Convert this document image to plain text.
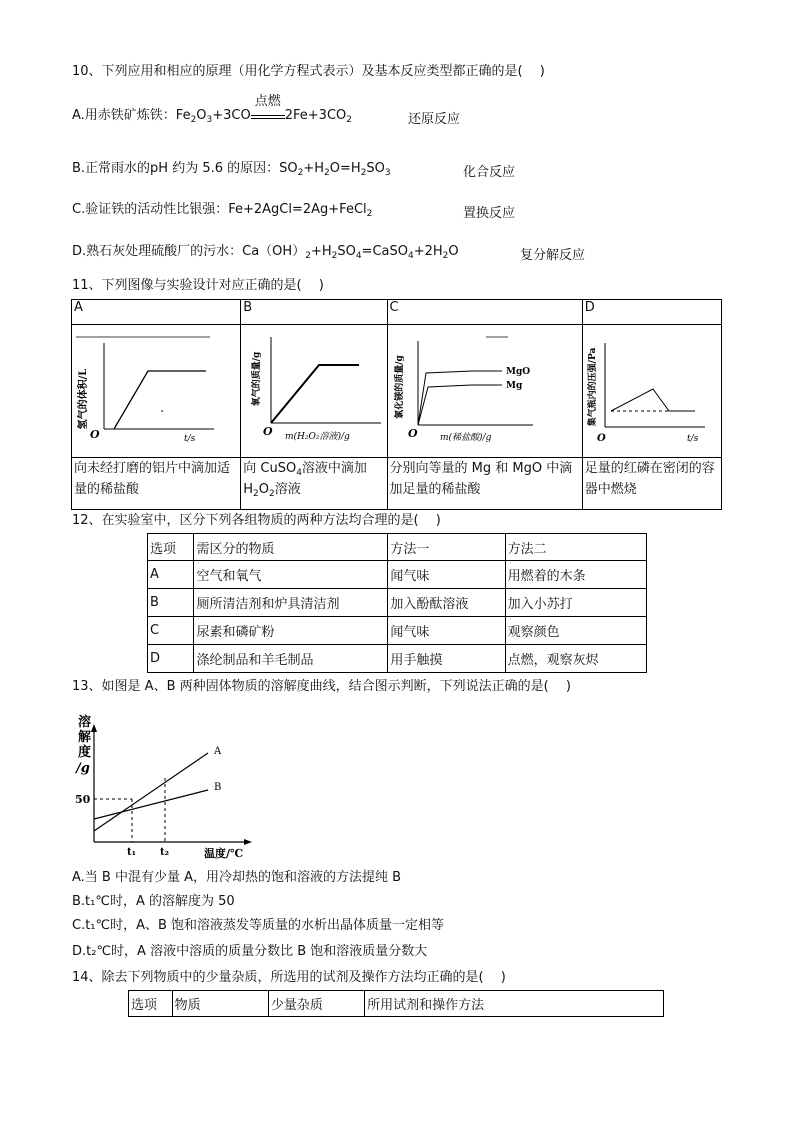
10、下列应用和相应的原理（用化学方程式表示）及基本反应类型都正确的是(　 )
A.用赤铁矿炼铁：$Fe_2O_3+3CO$
点燃
$2Fe+3CO_2$	还原反应
B.正常雨水的pH 约为 5.6 的原因：$SO_2+H_2O=H_2SO_3$	化合反应
C.验证铁的活动性比银强：Fe+2AgCl=2Ag+FeCl$_2$	置换反应
D.熟石灰处理硫酸厂的污水：$Ca(OH)_2+H_2SO_4=CaSO_4+2H_2O$	复分解反应
11、下列图像与实验设计对应正确的是(　 )
A	B	C	D

氢气的体积/L
O t/s	氧气的质量/g
O m(H₂O₂溶液)/g	MgO
Mg
氯化镁的质量/g
O m(稀盐酸)/g	集气瓶内的压强/Pa
O t/s

向未经打磨的铝片中滴加适量的稀盐酸	向 CuSO$_4$溶液中滴加
$H_2O_2$溶液	分别向等量的 Mg 和 MgO 中滴加足量的稀盐酸	足量的红磷在密闭的容器中燃烧
12、在实验室中，区分下列各组物质的两种方法均合理的是(　 )
选项	需区分的物质	方法一	方法二
A	空气和氧气	闻气味	用燃着的木条
B	厕所清洁剂和炉具清洁剂	加入酚酞溶液	加入小苏打
C	尿素和磷矿粉	闻气味	观察颜色
D	涤纶制品和羊毛制品	用手触摸	点燃，观察灰烬
13、如图是 A、B 两种固体物质的溶解度曲线，结合图示判断，下列说法正确的是(　 )
溶
解
度
/g
50
A
B
t₁ t₂	温度/℃
A.当 B 中混有少量 A，用冷却热的饱和溶液的方法提纯 B
B.t₁℃时，A 的溶解度为 50
C.t₁℃时，A、B 饱和溶液蒸发等质量的水析出晶体质量一定相等
D.t₂℃时，A 溶液中溶质的质量分数比 B 饱和溶液质量分数大
14、除去下列物质中的少量杂质，所选用的试剂及操作方法均正确的是(　 )
选项	物质	少量杂质	所用试剂和操作方法
